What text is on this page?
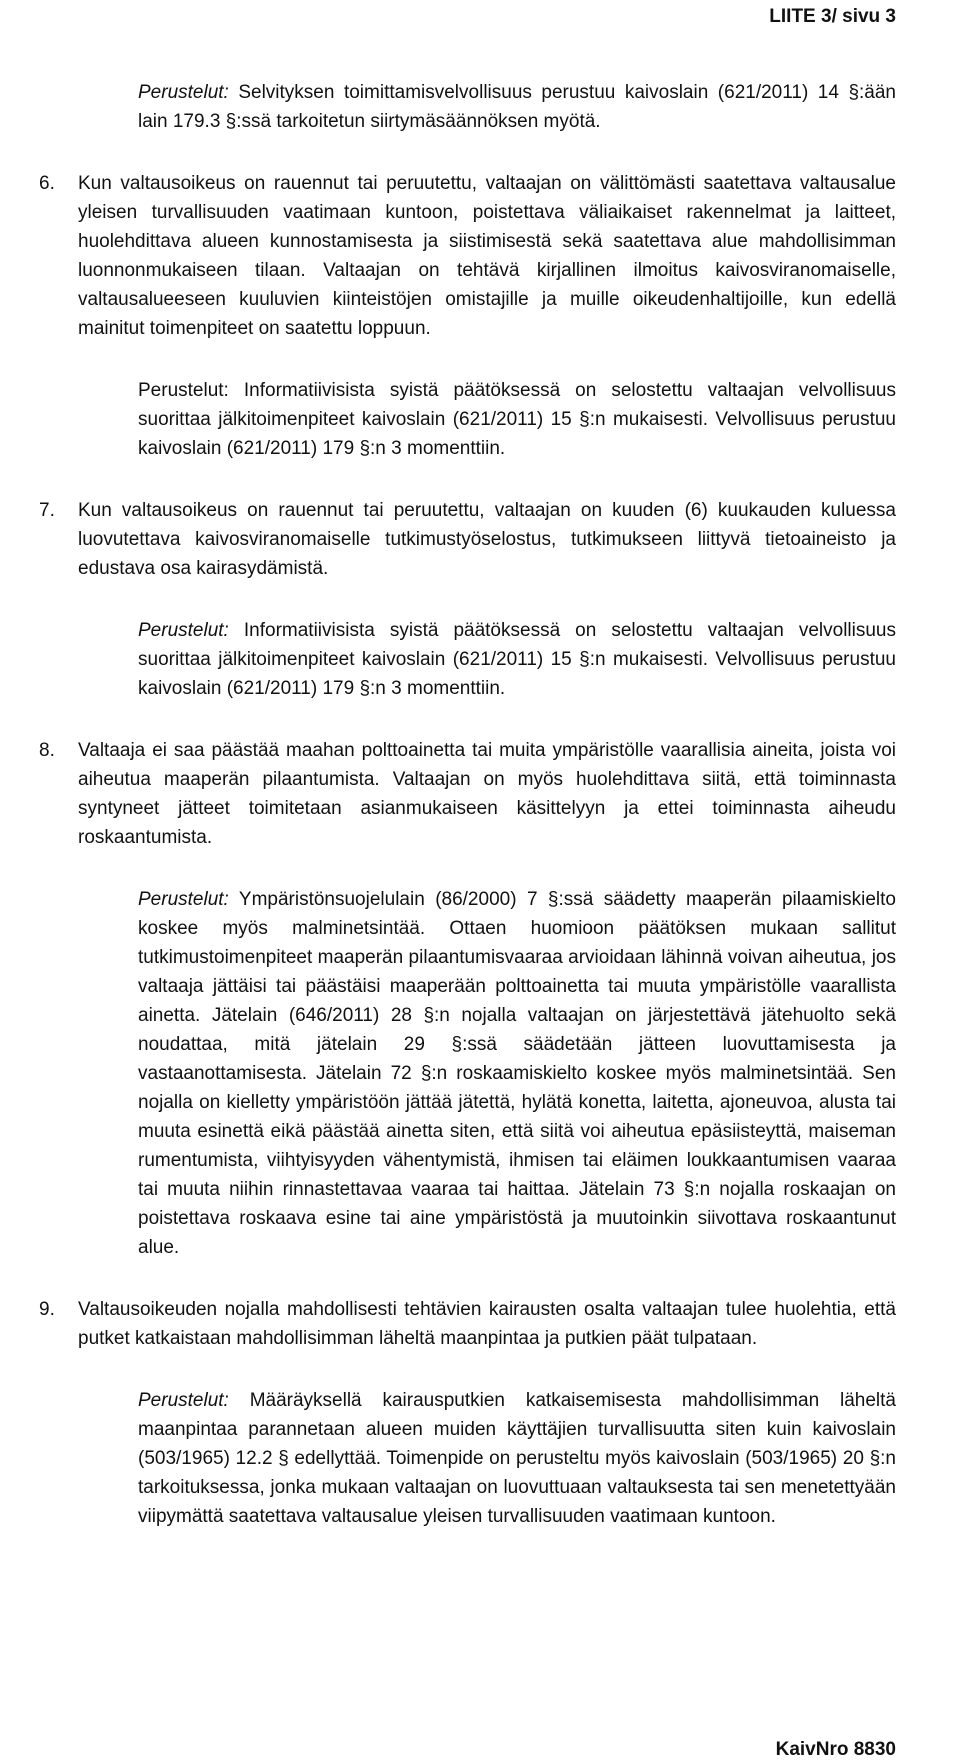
LIITE 3/ sivu 3

Perustelut: Selvityksen toimittamisvelvollisuus perustuu kaivoslain (621/2011) 14 §:ään lain 179.3 §:ssä tarkoitetun siirtymäsäännöksen myötä.

6. Kun valtausoikeus on rauennut tai peruutettu, valtaajan on välittömästi saatettava valtausalue yleisen turvallisuuden vaatimaan kuntoon, poistettava väliaikaiset rakennelmat ja laitteet, huolehdittava alueen kunnostamisesta ja siistimisestä sekä saatettava alue mahdollisimman luonnonmukaiseen tilaan. Valtaajan on tehtävä kirjallinen ilmoitus kaivosviranomaiselle, valtausalueeseen kuuluvien kiinteistöjen omistajille ja muille oikeudenhaltijoille, kun edellä mainitut toimenpiteet on saatettu loppuun.

Perustelut: Informatiivisista syistä päätöksessä on selostettu valtaajan velvollisuus suorittaa jälkitoimenpiteet kaivoslain (621/2011) 15 §:n mukaisesti. Velvollisuus perustuu kaivoslain (621/2011) 179 §:n 3 momenttiin.

7. Kun valtausoikeus on rauennut tai peruutettu, valtaajan on kuuden (6) kuukauden kuluessa luovutettava kaivosviranomaiselle tutkimustyöselostus, tutkimukseen liittyvä tietoaineisto ja edustava osa kairasydämistä.

Perustelut: Informatiivisista syistä päätöksessä on selostettu valtaajan velvollisuus suorittaa jälkitoimenpiteet kaivoslain (621/2011) 15 §:n mukaisesti. Velvollisuus perustuu kaivoslain (621/2011) 179 §:n 3 momenttiin.

8. Valtaaja ei saa päästää maahan polttoainetta tai muita ympäristölle vaarallisia aineita, joista voi aiheutua maaperän pilaantumista. Valtaajan on myös huolehdittava siitä, että toiminnasta syntyneet jätteet toimitetaan asianmukaiseen käsittelyyn ja ettei toiminnasta aiheudu roskaantumista.

Perustelut: Ympäristönsuojelulain (86/2000) 7 §:ssä säädetty maaperän pilaamiskielto koskee myös malminetsintää. Ottaen huomioon päätöksen mukaan sallitut tutkimustoimenpiteet maaperän pilaantumisvaaraa arvioidaan lähinnä voivan aiheutua, jos valtaaja jättäisi tai päästäisi maaperään polttoainetta tai muuta ympäristölle vaarallista ainetta. Jätelain (646/2011) 28 §:n nojalla valtaajan on järjestettävä jätehuolto sekä noudattaa, mitä jätelain 29 §:ssä säädetään jätteen luovuttamisesta ja vastaanottamisesta. Jätelain 72 §:n roskaamiskielto koskee myös malminetsintää. Sen nojalla on kielletty ympäristöön jättää jätettä, hylätä konetta, laitetta, ajoneuvoa, alusta tai muuta esinettä eikä päästää ainetta siten, että siitä voi aiheutua epäsiisteyttä, maiseman rumentumista, viihtyisyyden vähentymistä, ihmisen tai eläimen loukkaantumisen vaaraa tai muuta niihin rinnastettavaa vaaraa tai haittaa. Jätelain 73 §:n nojalla roskaajan on poistettava roskaava esine tai aine ympäristöstä ja muutoinkin siivottava roskaantunut alue.

9. Valtausoikeuden nojalla mahdollisesti tehtävien kairausten osalta valtaajan tulee huolehtia, että putket katkaistaan mahdollisimman läheltä maanpintaa ja putkien päät tulpataan.

Perustelut: Määräyksellä kairausputkien katkaisemisesta mahdollisimman läheltä maanpintaa parannetaan alueen muiden käyttäjien turvallisuutta siten kuin kaivoslain (503/1965) 12.2 § edellyttää. Toimenpide on perusteltu myös kaivoslain (503/1965) 20 §:n tarkoituksessa, jonka mukaan valtaajan on luovuttuaan valtauksesta tai sen menetettyään viipymättä saatettava valtausalue yleisen turvallisuuden vaatimaan kuntoon.

KaivNro 8830
